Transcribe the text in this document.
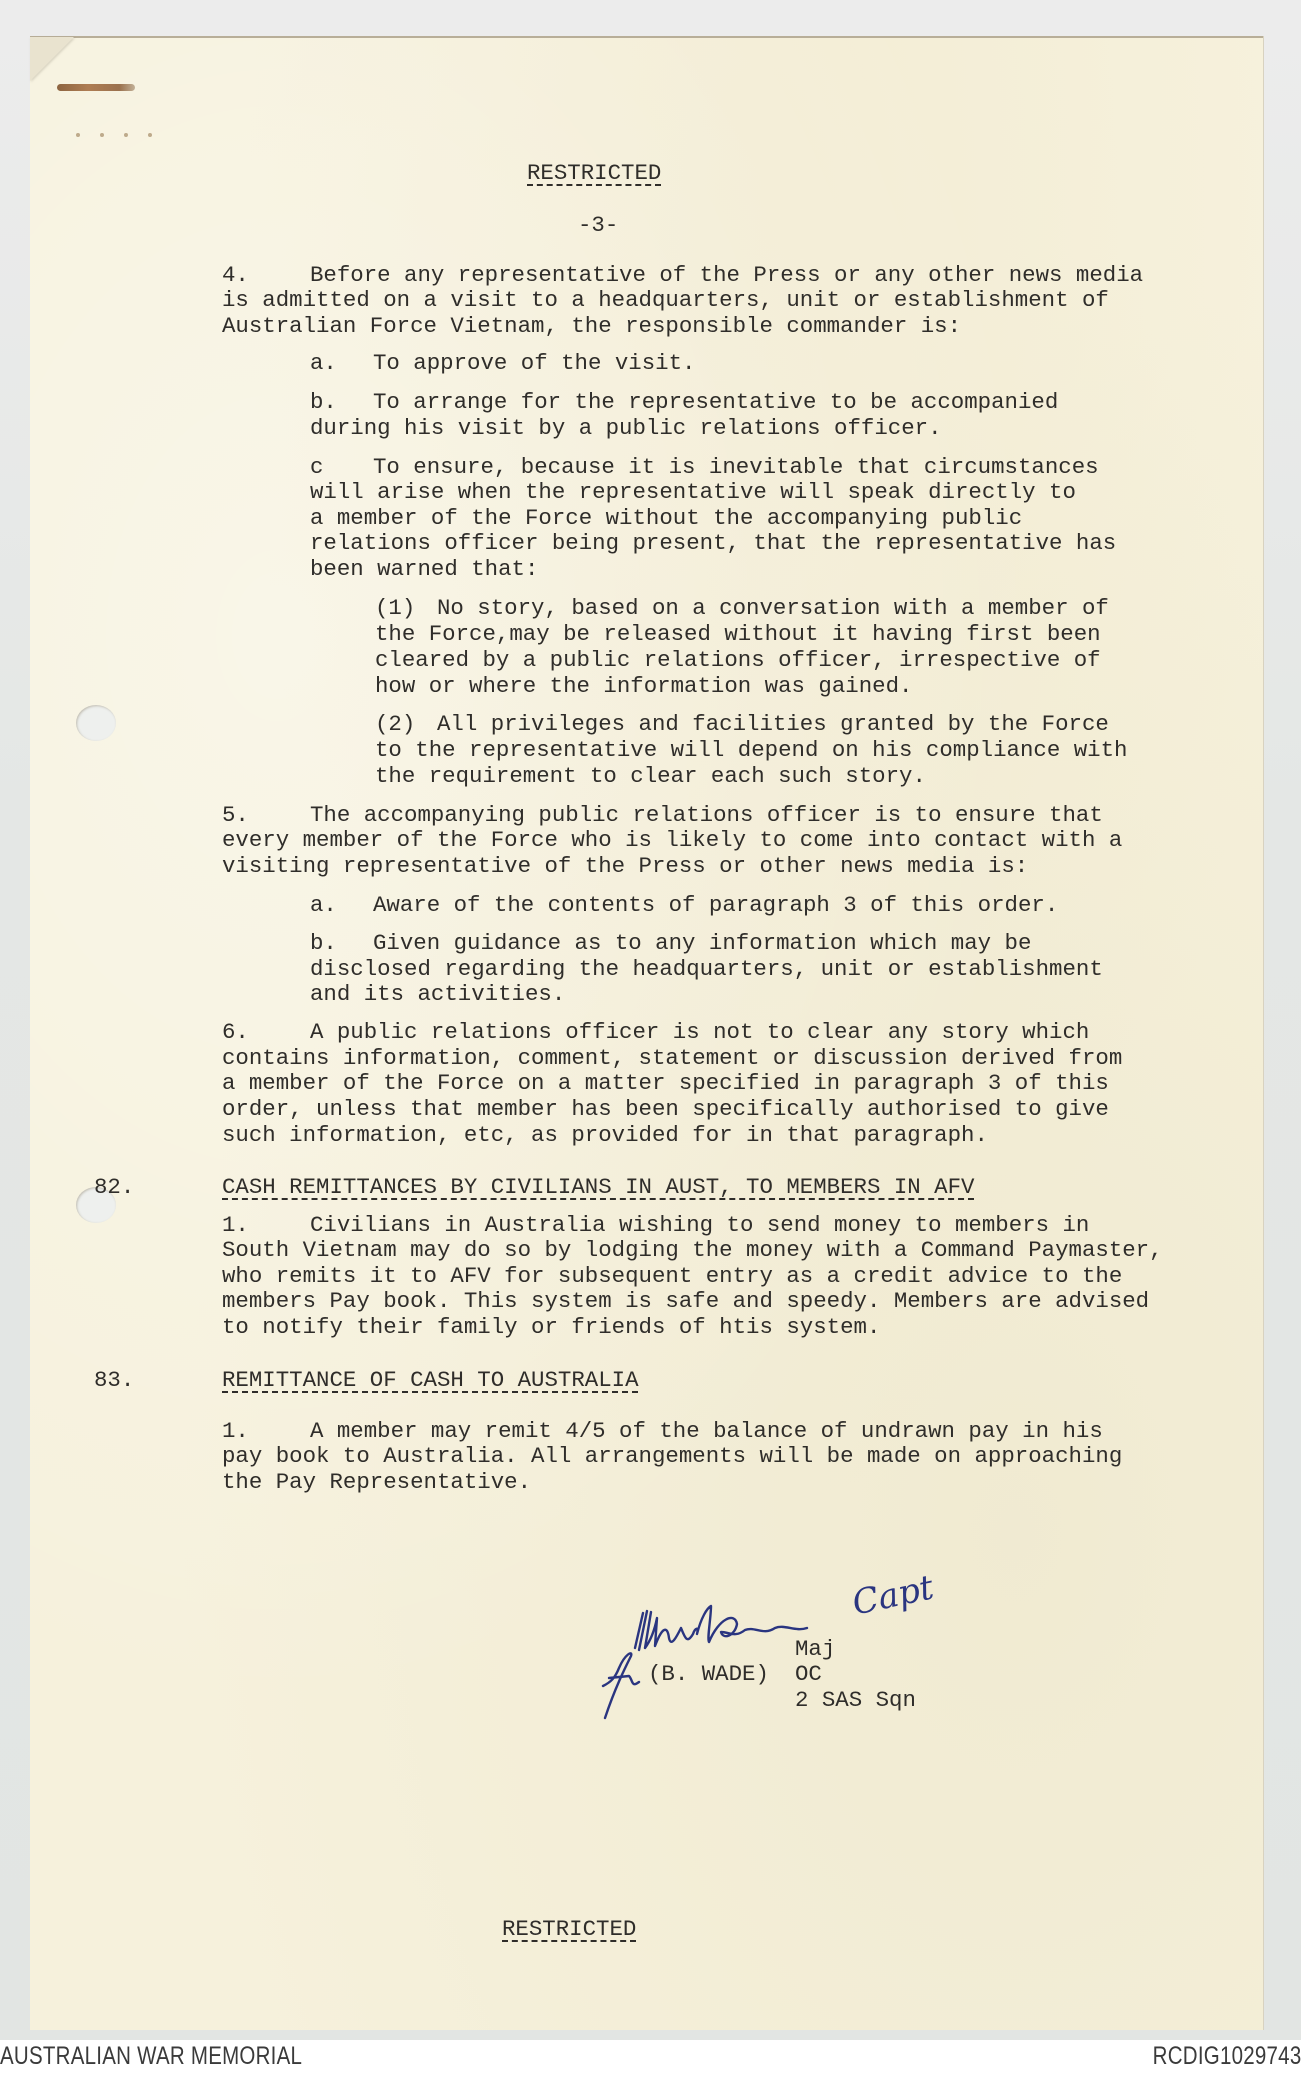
RESTRICTED
-3-
4.	Before any representative of the Press or any other news media
is admitted on a visit to a headquarters, unit or establishment of
Australian Force Vietnam, the responsible commander is:
a. To approve of the visit.
b. To arrange for the representative to be accompanied
during his visit by a public relations officer.
c To ensure, because it is inevitable that circumstances
will arise when the representative will speak directly to
a member of the Force without the accompanying public
relations officer being present, that the representative has
been warned that:
(1) No story, based on a conversation with a member of
the Force,may be released without it having first been
cleared by a public relations officer, irrespective of
how or where the information was gained.
(2) All privileges and facilities granted by the Force
to the representative will depend on his compliance with
the requirement to clear each such story.
5.	The accompanying public relations officer is to ensure that
every member of the Force who is likely to come into contact with a
visiting representative of the Press or other news media is:
a. Aware of the contents of paragraph 3 of this order.
b. Given guidance as to any information which may be
disclosed regarding the headquarters, unit or establishment
and its activities.
6.	A public relations officer is not to clear any story which
contains information, comment, statement or discussion derived from
a member of the Force on a matter specified in paragraph 3 of this
order, unless that member has been specifically authorised to give
such information, etc, as provided for in that paragraph.
82.	CASH REMITTANCES BY CIVILIANS IN AUST, TO MEMBERS IN AFV
1.	Civilians in Australia wishing to send money to members in
South Vietnam may do so by lodging the money with a Command Paymaster,
who remits it to AFV for subsequent entry as a credit advice to the
members Pay book. This system is safe and speedy. Members are advised
to notify their family or friends of htis system.
83.	REMITTANCE OF CASH TO AUSTRALIA
1.	A member may remit 4/5 of the balance of undrawn pay in his
pay book to Australia. All arrangements will be made on approaching
the Pay Representative.
Capt
(B. WADE)
Maj
OC
2 SAS Sqn
RESTRICTED
AUSTRALIAN WAR MEMORIAL	RCDIG1029743
